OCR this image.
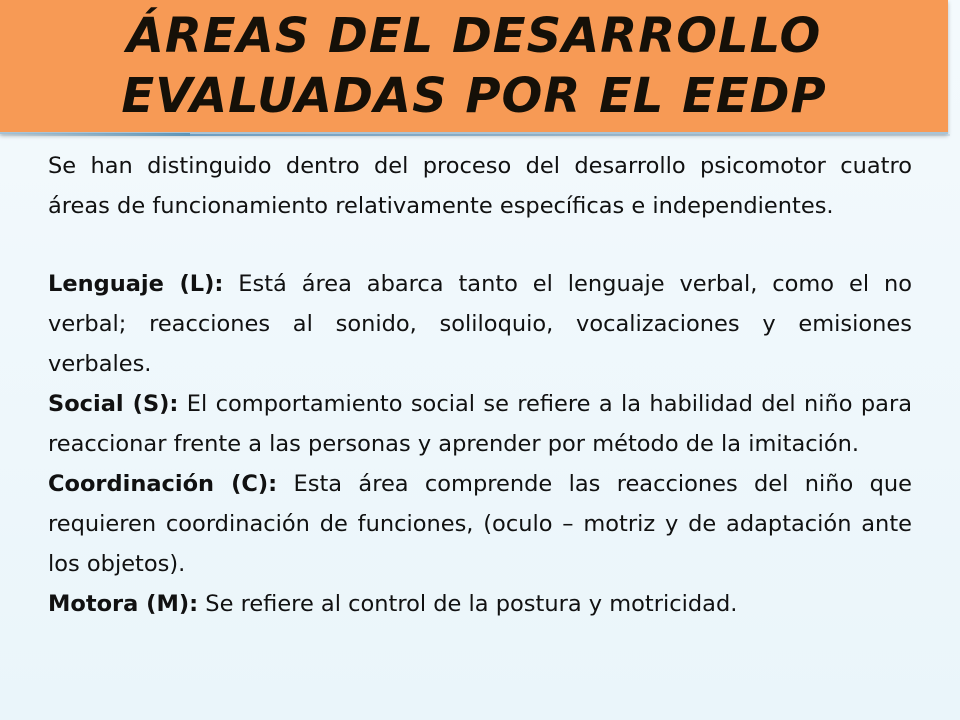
ÁREAS DEL DESARROLLO
EVALUADAS POR EL EEDP

Se han distinguido dentro del proceso del desarrollo psicomotor cuatro áreas de funcionamiento relativamente específicas e independientes.

Lenguaje (L): Está área abarca tanto el lenguaje verbal, como el no verbal; reacciones al sonido, soliloquio, vocalizaciones y emisiones verbales.

Social (S): El comportamiento social se refiere a la habilidad del niño para reaccionar frente a las personas y aprender por método de la imitación.

Coordinación (C): Esta área comprende las reacciones del niño que requieren coordinación de funciones, (oculo – motriz y de adaptación ante los objetos).

Motora (M): Se refiere al control de la postura y motricidad.
